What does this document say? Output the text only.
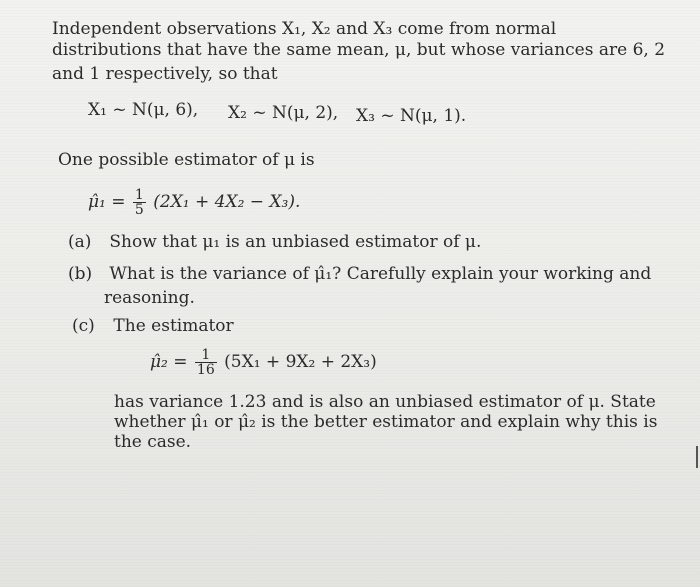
Independent observations X₁, X₂ and X₃ come from normal
distributions that have the same mean, μ, but whose variances are 6, 2
and 1 respectively, so that
X₁ ~ N(μ, 6), X₂ ~ N(μ, 2), X₃ ~ N(μ, 1).
One possible estimator of μ is
μ̂₁ = $\frac{1}{5} (2X_1 + 4X_2 - X_3)$.
(a) Show that μ₁ is an unbiased estimator of μ.
(b) What is the variance of μ̂₁? Carefully explain your working and
reasoning.
(c) The estimator
μ̂₂ = $\frac{1}{16} (5X_1 + 9X_2 + 2X_3)$
has variance 1.23 and is also an unbiased estimator of μ. State
whether μ̂₁ or μ̂₂ is the better estimator and explain why this is
the case.
